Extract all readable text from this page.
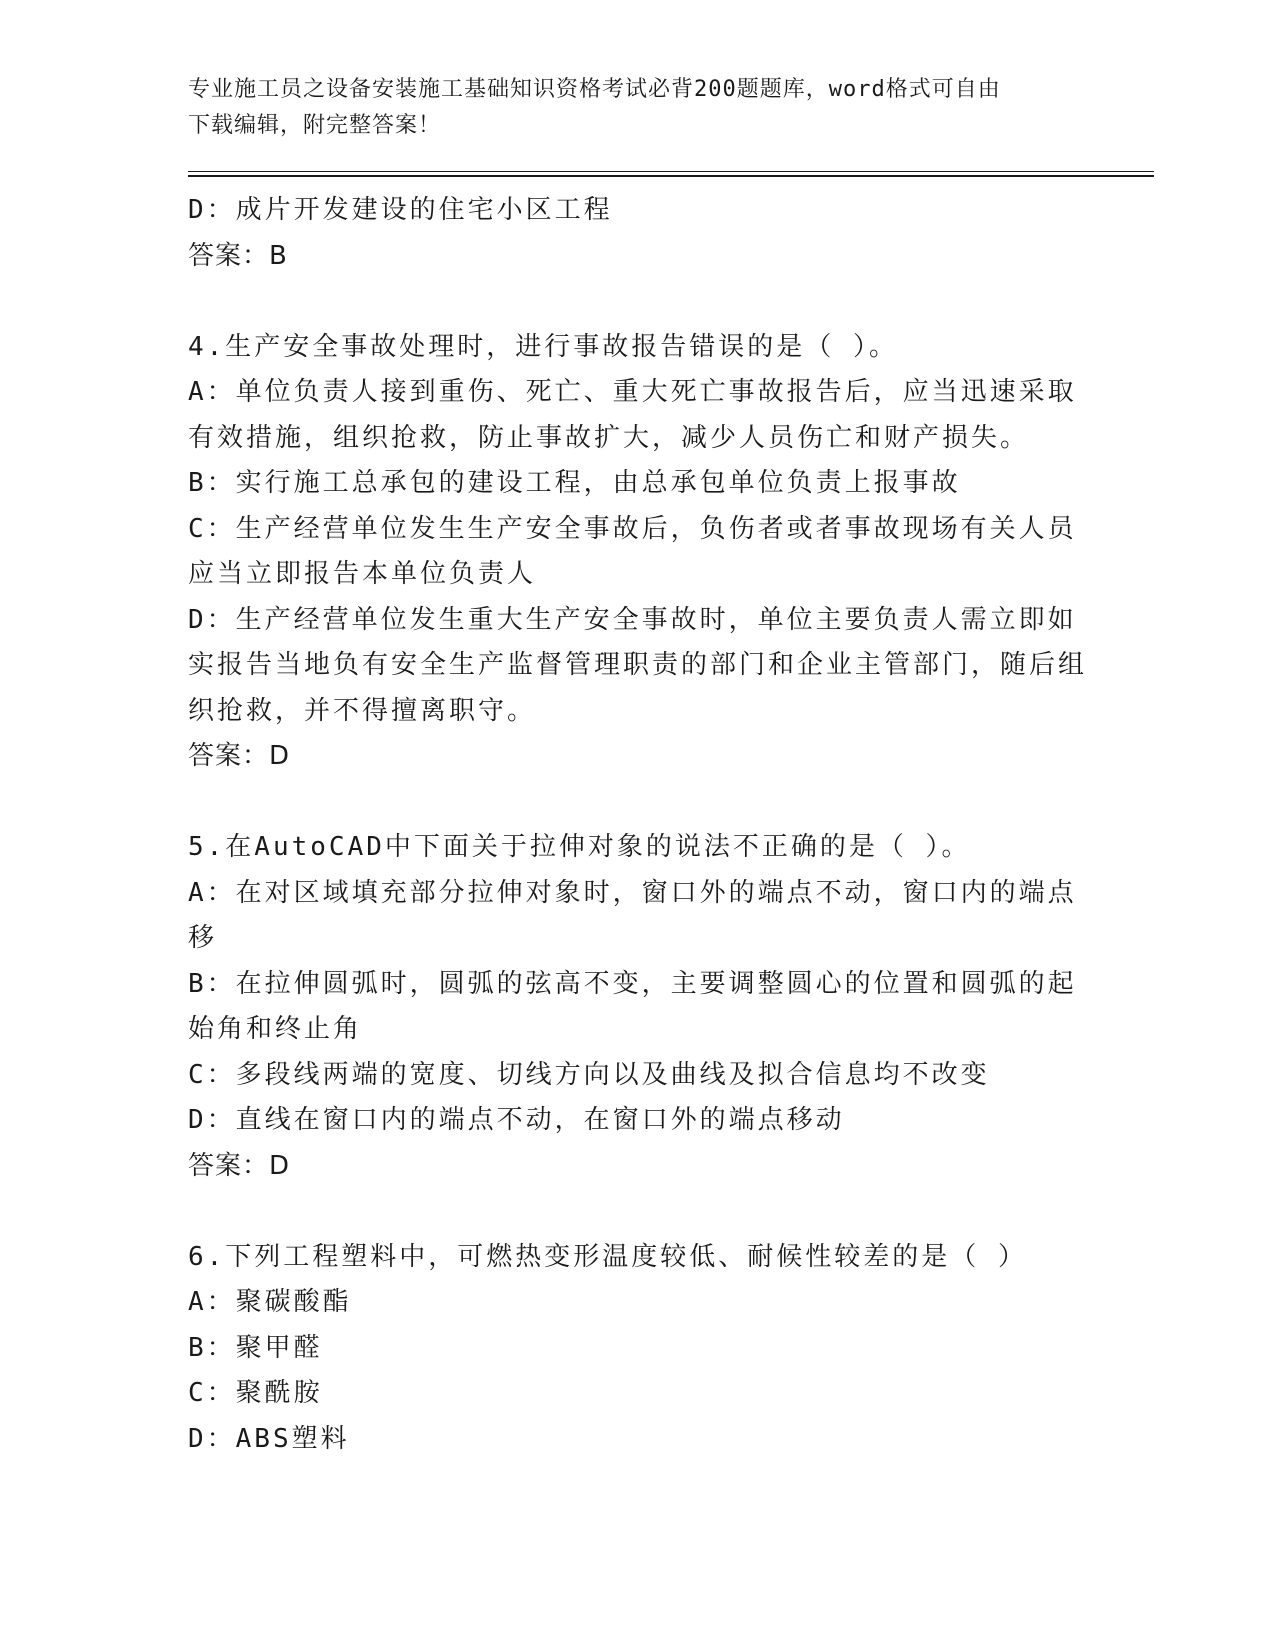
专业施工员之设备安装施工基础知识资格考试必背200题题库，word格式可自由
下载编辑，附完整答案！
D：成片开发建设的住宅小区工程
答案：B
4.生产安全事故处理时，进行事故报告错误的是（ ）。
A：单位负责人接到重伤、死亡、重大死亡事故报告后，应当迅速采取有效措施，组织抢救，防止事故扩大，减少人员伤亡和财产损失。
B：实行施工总承包的建设工程，由总承包单位负责上报事故
C：生产经营单位发生生产安全事故后，负伤者或者事故现场有关人员应当立即报告本单位负责人
D：生产经营单位发生重大生产安全事故时，单位主要负责人需立即如实报告当地负有安全生产监督管理职责的部门和企业主管部门，随后组织抢救，并不得擅离职守。
答案：D
5.在AutoCAD中下面关于拉伸对象的说法不正确的是（ ）。
A：在对区域填充部分拉伸对象时，窗口外的端点不动，窗口内的端点移
B：在拉伸圆弧时，圆弧的弦高不变，主要调整圆心的位置和圆弧的起始角和终止角
C：多段线两端的宽度、切线方向以及曲线及拟合信息均不改变
D：直线在窗口内的端点不动，在窗口外的端点移动
答案：D
6.下列工程塑料中，可燃热变形温度较低、耐候性较差的是（ ）
A：聚碳酸酯
B：聚甲醛
C：聚酰胺
D：ABS塑料
